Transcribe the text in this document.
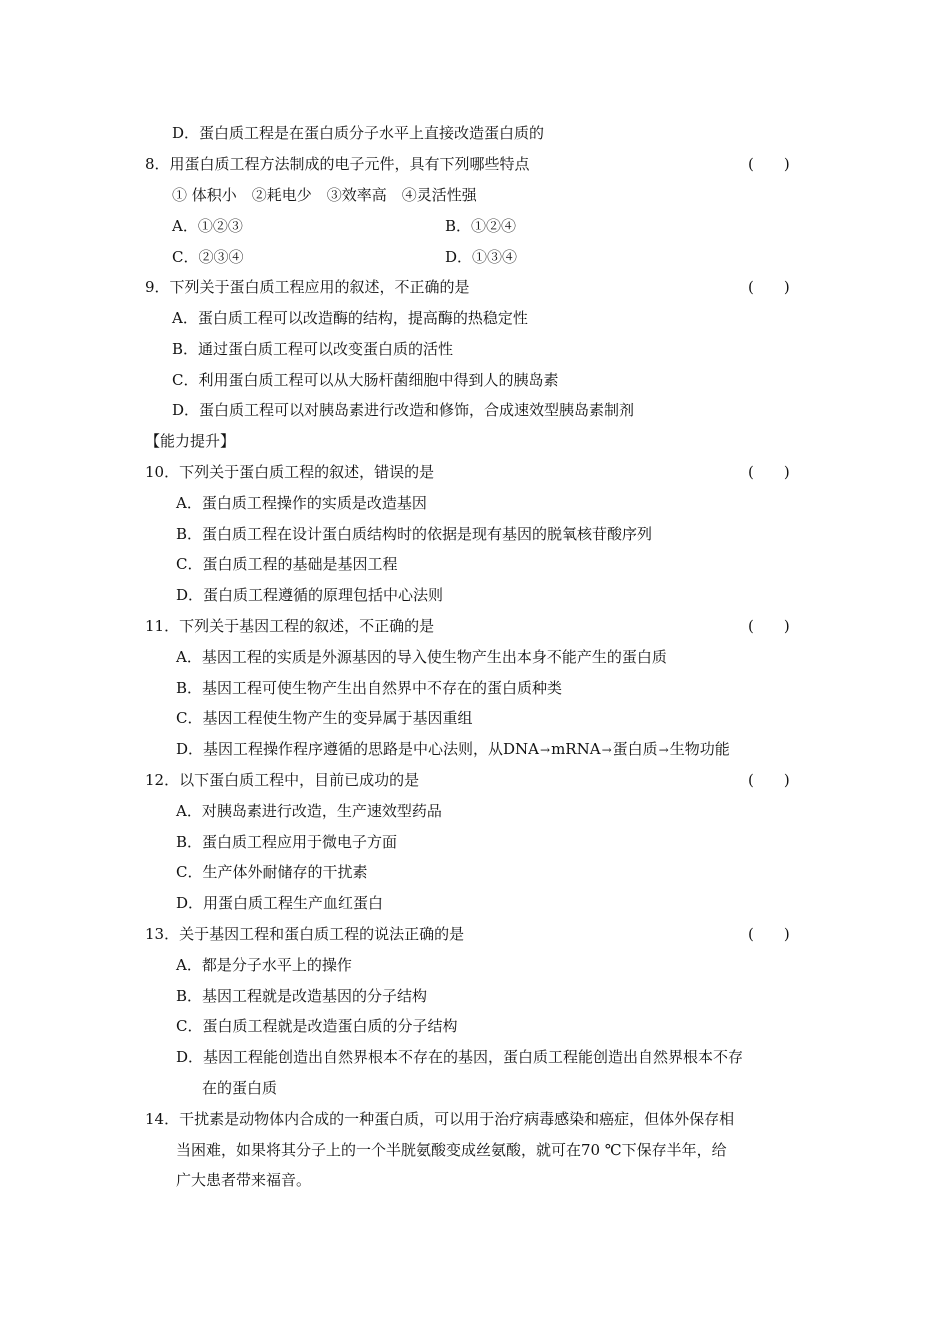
D．蛋白质工程是在蛋白质分子水平上直接改造蛋白质的
8．用蛋白质工程方法制成的电子元件，具有下列哪些特点	(　　)
① 体积小　②耗电少　③效率高　④灵活性强
A．①②③	B．①②④
C．②③④	D．①③④
9．下列关于蛋白质工程应用的叙述，不正确的是	(　　)
A．蛋白质工程可以改造酶的结构，提高酶的热稳定性
B．通过蛋白质工程可以改变蛋白质的活性
C．利用蛋白质工程可以从大肠杆菌细胞中得到人的胰岛素
D．蛋白质工程可以对胰岛素进行改造和修饰，合成速效型胰岛素制剂
【能力提升】
10．下列关于蛋白质工程的叙述，错误的是	(　　)
A．蛋白质工程操作的实质是改造基因
B．蛋白质工程在设计蛋白质结构时的依据是现有基因的脱氧核苷酸序列
C．蛋白质工程的基础是基因工程
D．蛋白质工程遵循的原理包括中心法则
11．下列关于基因工程的叙述，不正确的是	(　　)
A．基因工程的实质是外源基因的导入使生物产生出本身不能产生的蛋白质
B．基因工程可使生物产生出自然界中不存在的蛋白质种类
C．基因工程使生物产生的变异属于基因重组
D．基因工程操作程序遵循的思路是中心法则，从DNA→mRNA→蛋白质→生物功能
12．以下蛋白质工程中，目前已成功的是	(　　)
A．对胰岛素进行改造，生产速效型药品
B．蛋白质工程应用于微电子方面
C．生产体外耐储存的干扰素
D．用蛋白质工程生产血红蛋白
13．关于基因工程和蛋白质工程的说法正确的是	(　　)
A．都是分子水平上的操作
B．基因工程就是改造基因的分子结构
C．蛋白质工程就是改造蛋白质的分子结构
D．基因工程能创造出自然界根本不存在的基因，蛋白质工程能创造出自然界根本不存
在的蛋白质
14．干扰素是动物体内合成的一种蛋白质，可以用于治疗病毒感染和癌症，但体外保存相
当困难，如果将其分子上的一个半胱氨酸变成丝氨酸，就可在70 ℃下保存半年，给
广大患者带来福音。
